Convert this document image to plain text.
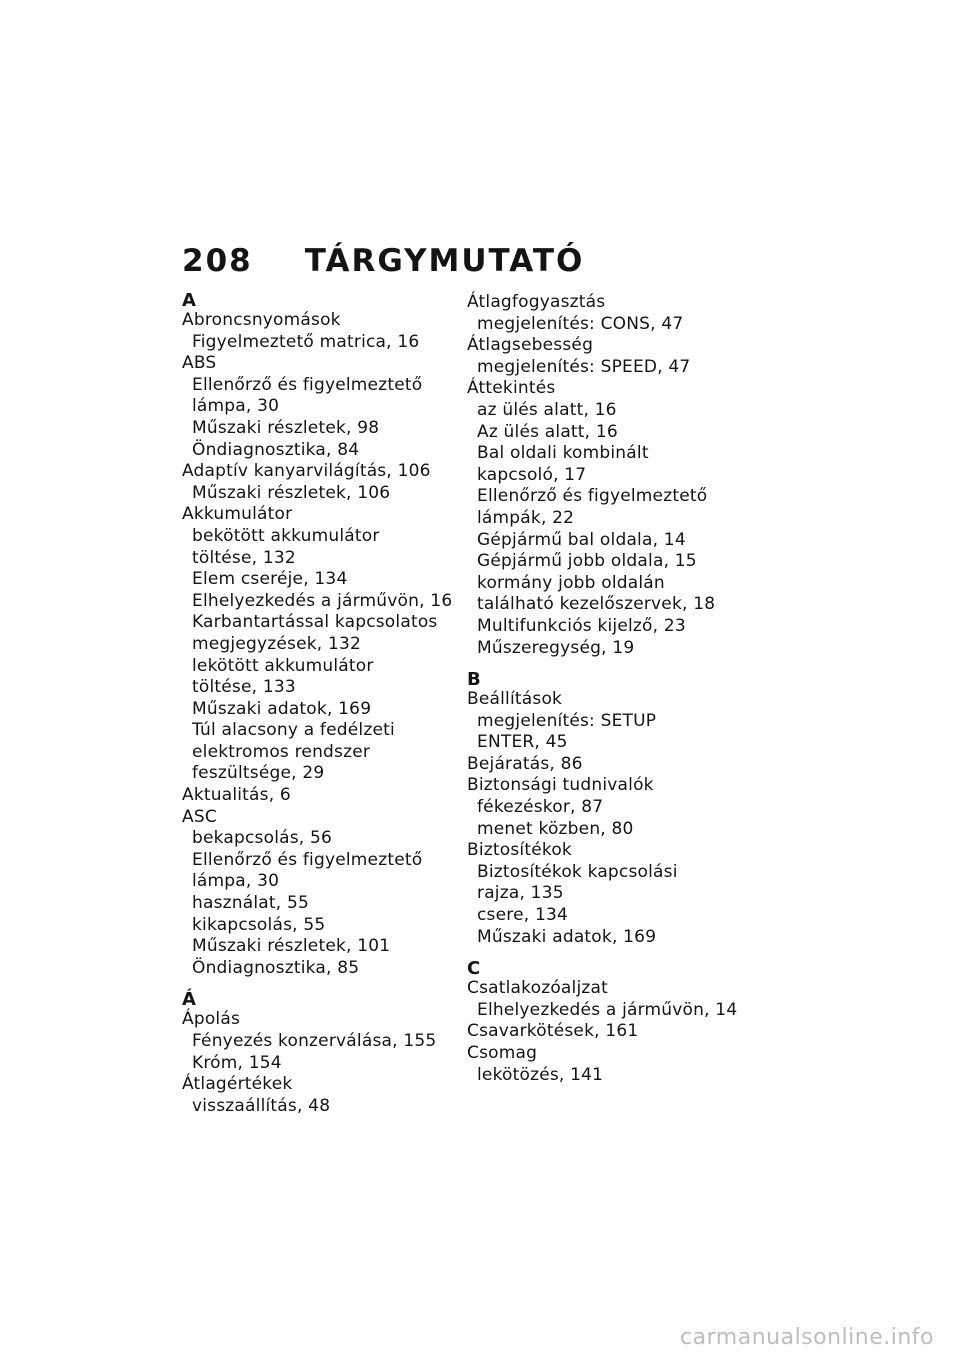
208 TÁRGYMUTATÓ
A
Abroncsnyomások
Figyelmeztető matrica, 16
ABS
Ellenőrző és figyelmeztető
lámpa, 30
Műszaki részletek, 98
Öndiagnosztika, 84
Adaptív kanyarvilágítás, 106
Műszaki részletek, 106
Akkumulátor
bekötött akkumulátor
töltése, 132
Elem cseréje, 134
Elhelyezkedés a járművön, 16
Karbantartással kapcsolatos
megjegyzések, 132
lekötött akkumulátor
töltése, 133
Műszaki adatok, 169
Túl alacsony a fedélzeti
elektromos rendszer
feszültsége, 29
Aktualitás, 6
ASC
bekapcsolás, 56
Ellenőrző és figyelmeztető
lámpa, 30
használat, 55
kikapcsolás, 55
Műszaki részletek, 101
Öndiagnosztika, 85
Á
Ápolás
Fényezés konzerválása, 155
Króm, 154
Átlagértékek
visszaállítás, 48
Átlagfogyasztás
megjelenítés: CONS, 47
Átlagsebesség
megjelenítés: SPEED, 47
Áttekintés
az ülés alatt, 16
Az ülés alatt, 16
Bal oldali kombinált
kapcsoló, 17
Ellenőrző és figyelmeztető
lámpák, 22
Gépjármű bal oldala, 14
Gépjármű jobb oldala, 15
kormány jobb oldalán
található kezelőszervek, 18
Multifunkciós kijelző, 23
Műszeregység, 19
B
Beállítások
megjelenítés: SETUP
ENTER, 45
Bejáratás, 86
Biztonsági tudnivalók
fékezéskor, 87
menet közben, 80
Biztosítékok
Biztosítékok kapcsolási
rajza, 135
csere, 134
Műszaki adatok, 169
C
Csatlakozóaljzat
Elhelyezkedés a járművön, 14
Csavarkötések, 161
Csomag
lekötözés, 141
carmanualsonline.info
